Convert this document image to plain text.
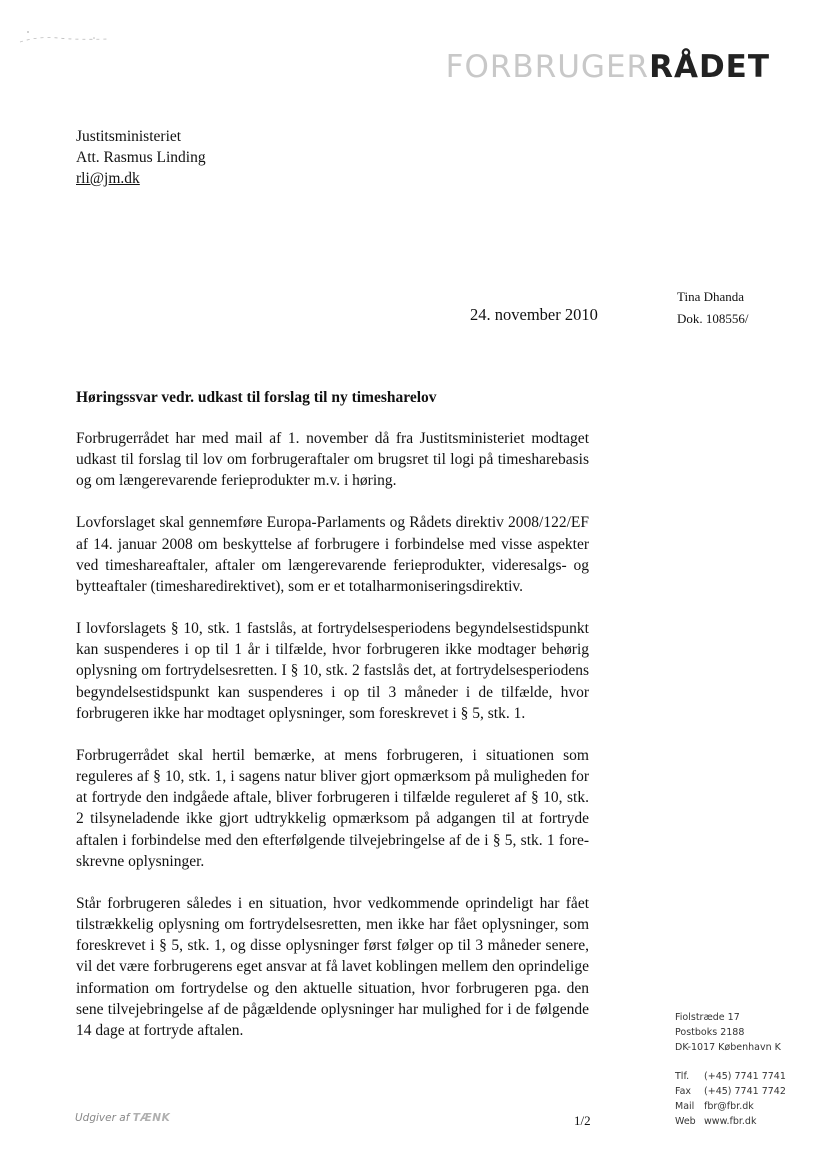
FORBRUGERRÅDET
Justitsministeriet
Att. Rasmus Linding
rli@jm.dk
Tina Dhanda
Dok. 108556/
24. november 2010
Høringssvar vedr. udkast til forslag til ny timesharelov

Forbrugerrådet har med mail af 1. november då fra Justitsministeriet modtaget udkast til forslag til lov om forbrugeraftaler om brugsret til logi på timesharebasis og om længerevarende ferieprodukter m.v. i høring.

Lovforslaget skal gennemføre Europa-Parlaments og Rådets direktiv 2008/122/EF af 14. januar 2008 om beskyttelse af forbrugere i forbindelse med visse aspekter ved timeshareaftaler, aftaler om længerevarende ferieprodukter, videresalgs- og bytteaftaler (timesharedirektivet), som er et totalharmoniseringsdirektiv.

I lovforslagets § 10, stk. 1 fastslås, at fortrydelsesperiodens begyndelsestidspunkt kan suspenderes i op til 1 år i tilfælde, hvor forbrugeren ikke modtager behørig oplysning om fortrydelsesretten. I § 10, stk. 2 fastslås det, at fortrydelsesperiodens begyndelsestidspunkt kan suspenderes i op til 3 måneder i de tilfælde, hvor forbrugeren ikke har modtaget oplysninger, som foreskrevet i § 5, stk. 1.

Forbrugerrådet skal hertil bemærke, at mens forbrugeren, i situationen som reguleres af § 10, stk. 1, i sagens natur bliver gjort opmærksom på muligheden for at fortryde den indgåede aftale, bliver forbrugeren i tilfælde reguleret af § 10, stk. 2 tilsyneladende ikke gjort udtrykkelig opmærksom på adgangen til at fortryde aftalen i forbindelse med den efterfølgende tilvejebringelse af de i § 5, stk. 1 foreskrevne oplysninger.

Står forbrugeren således i en situation, hvor vedkommende oprindeligt har fået tilstrækkelig oplysning om fortrydelsesretten, men ikke har fået oplysninger, som foreskrevet i § 5, stk. 1, og disse oplysninger først følger op til 3 måneder senere, vil det være forbrugerens eget ansvar at få lavet koblingen mellem den oprindelige information om fortrydelse og den aktuelle situation, hvor forbrugeren pga. den sene tilvejebringelse af de pågældende oplysninger har mulighed for i de følgende 14 dage at fortryde aftalen.

Fiolstræde 17
Postboks 2188
DK-1017 København K
Tlf. (+45) 7741 7741
Fax (+45) 7741 7742
Mail fbr@fbr.dk
Web www.fbr.dk
Udgiver af TÆNK	1/2
